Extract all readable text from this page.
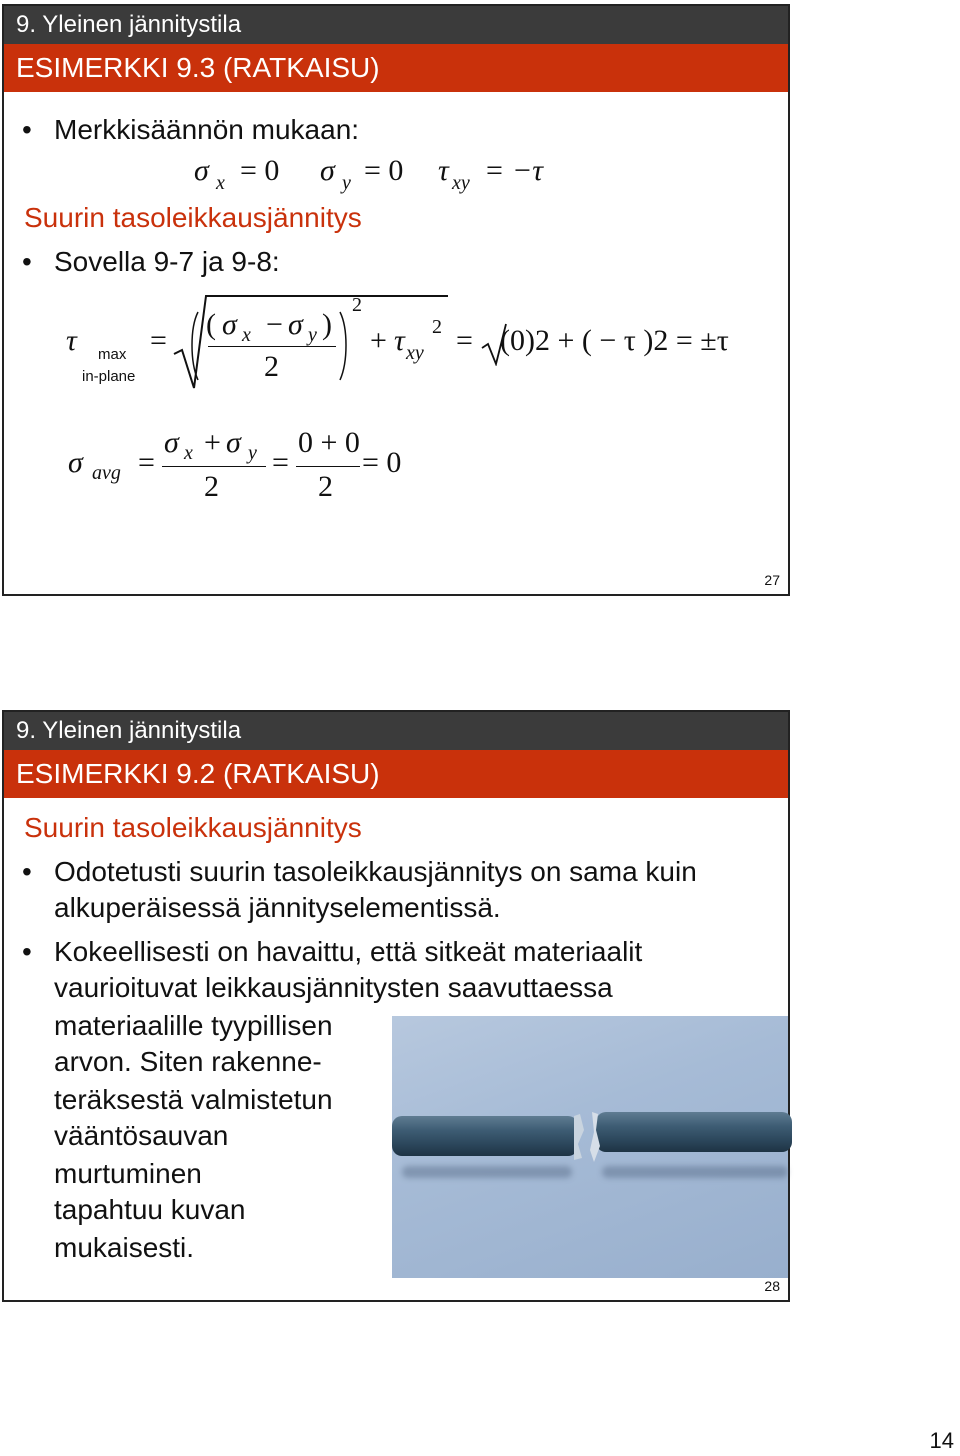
9. Yleinen jännitystila
ESIMERKKI 9.3 (RATKAISU)
• Merkkisäännön mukaan:
σ x = 0 σ y = 0 τ xy = −τ
Suurin tasoleikkausjännitys
• Sovella 9-7 ja 9-8:
τ max
in-plane
= ( σ x − σ y )
2
2
+ τ xy
2 = (0)2 + ( − τ )2 = ±τ
σ avg =
σ x + σ y
2
=
0 + 0
2
= 0
27
9. Yleinen jännitystila
ESIMERKKI 9.2 (RATKAISU)
Suurin tasoleikkausjännitys
• Odotetusti suurin tasoleikkausjännitys on sama kuin
alkuperäisessä jännityselementissä.
• Kokeellisesti on havaittu, että sitkeät materiaalit
vaurioituvat leikkausjännitysten saavuttaessa
materiaalille tyypillisen
arvon. Siten rakenne-
teräksestä valmistetun
vääntösauvan
murtuminen
tapahtuu kuvan
mukaisesti.
28
14
